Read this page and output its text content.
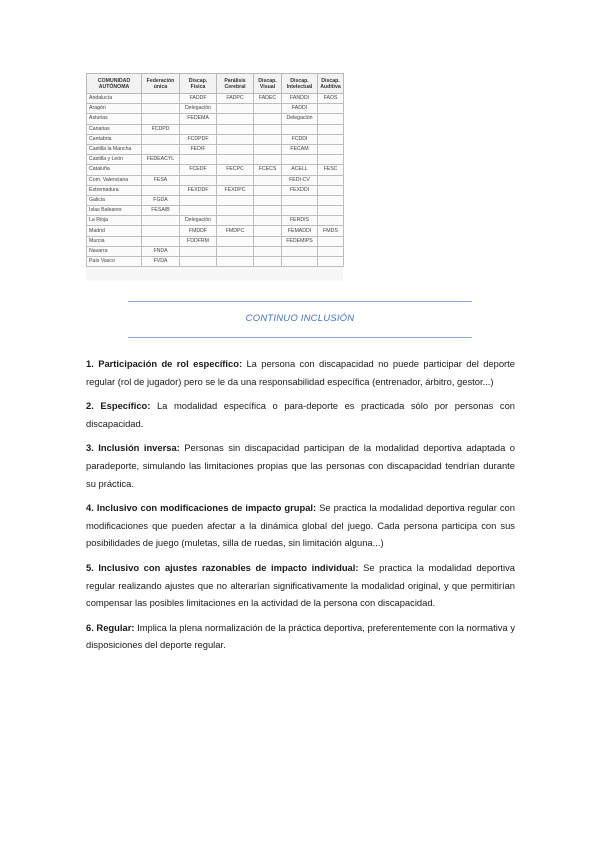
COMUNIDAD AUTÓNOMA	Federación única	Discap. Física	Parálisis Cerebral	Discap. Visual	Discap. Intelectual	Discap. Auditiva
Andalucía		FADDF	FADPC	FADEC	FANDDI	FAOS
Aragón		Delegación			FADDI	
Asturias		FEDEMA			Delegación	
Canarias	FCDPD					
Cantabria		FCDPDF			FCDDI	
Castilla la Mancha		FEDIF			FECAM	
Castilla y León	FEDEACYL					
Cataluña		FCEDF	FECPC	FCECS	ACELL	FESC
Com. Valenciana	FESA				FEDI-CV	
Extremadura		FEXDDF	FEXDPC		FEXDDI	
Galicia	FGDA					
Islas Baleares	FESAIB					
La Rioja		Delegación			FERDIS	
Madrid		FMDDF	FMDPC		FEMADDI	FMDS
Murcia		FDDFRM			FEDEMIPS	
Navarra	FNDA					
País Vasco	FVDA					
CONTINUO INCLUSIÓN

1. Participación de rol específico: La persona con discapacidad no puede participar del deporte regular (rol de jugador) pero se le da una responsabilidad específica (entrenador, árbitro, gestor...)

2. Específico: La modalidad específica o para-deporte es practicada sólo por personas con discapacidad.

3. Inclusión inversa: Personas sin discapacidad participan de la modalidad deportiva adaptada o paradeporte, simulando las limitaciones propias que las personas con discapacidad tendrían durante su práctica.

4. Inclusivo con modificaciones de impacto grupal: Se practica la modalidad deportiva regular con modificaciones que pueden afectar a la dinámica global del juego. Cada persona participa con sus posibilidades de juego (muletas, silla de ruedas, sin limitación alguna...)

5. Inclusivo con ajustes razonables de impacto individual: Se practica la modalidad deportiva regular realizando ajustes que no alterarían significativamente la modalidad original, y que permitirían compensar las posibles limitaciones en la actividad de la persona con discapacidad.

6. Regular: Implica la plena normalización de la práctica deportiva, preferentemente con la normativa y disposiciones del deporte regular.
